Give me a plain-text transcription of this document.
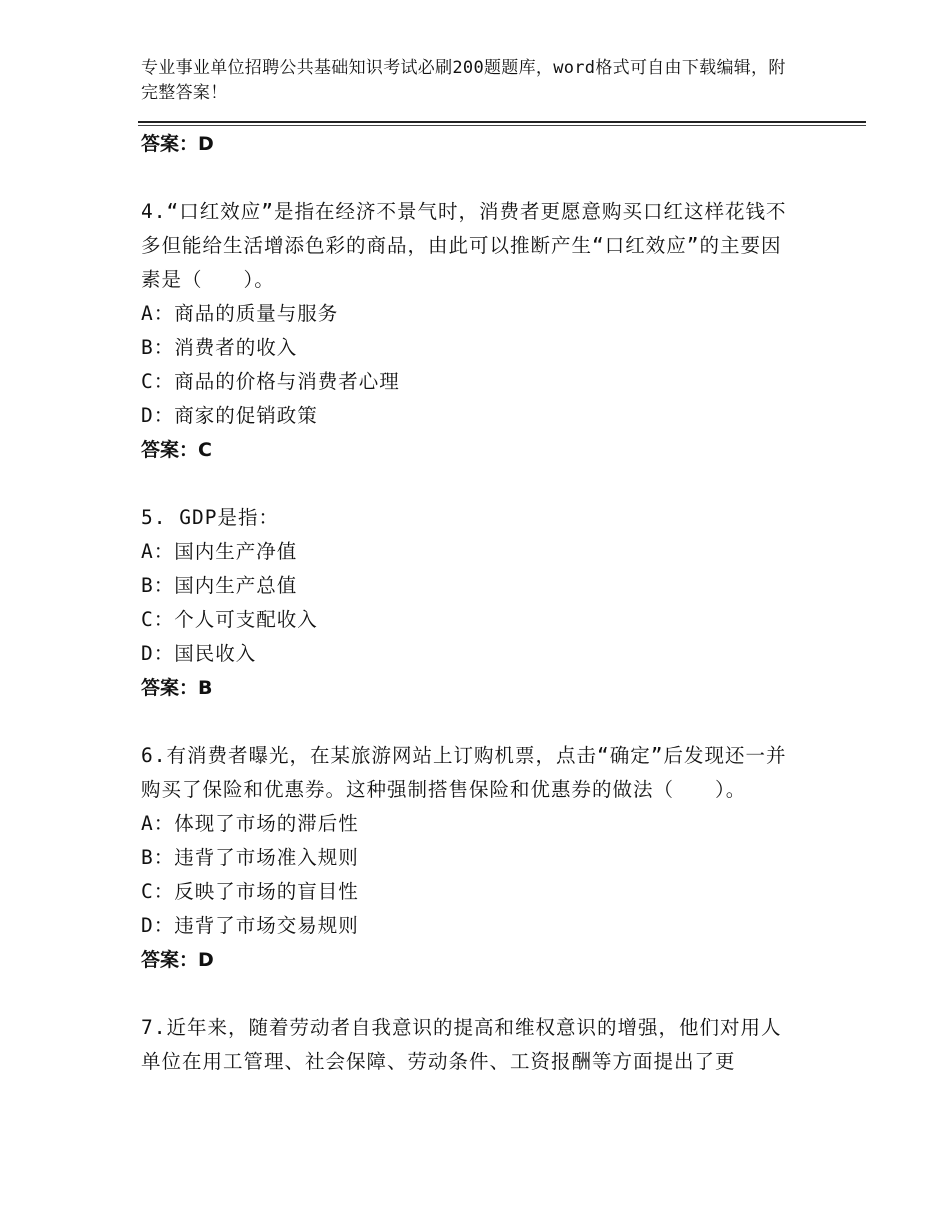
专业事业单位招聘公共基础知识考试必刷200题题库，word格式可自由下载编辑，附完整答案！
答案：D

4.“口红效应”是指在经济不景气时，消费者更愿意购买口红这样花钱不多但能给生活增添色彩的商品，由此可以推断产生“口红效应”的主要因素是（　　）。

A：商品的质量与服务
B：消费者的收入
C：商品的价格与消费者心理
D：商家的促销政策
答案：C

5. GDP是指：

A：国内生产净值
B：国内生产总值
C：个人可支配收入
D：国民收入
答案：B

6.有消费者曝光，在某旅游网站上订购机票，点击“确定”后发现还一并购买了保险和优惠券。这种强制搭售保险和优惠券的做法（　　）。

A：体现了市场的滞后性
B：违背了市场准入规则
C：反映了市场的盲目性
D：违背了市场交易规则
答案：D

7.近年来，随着劳动者自我意识的提高和维权意识的增强，他们对用人单位在用工管理、社会保障、劳动条件、工资报酬等方面提出了更
